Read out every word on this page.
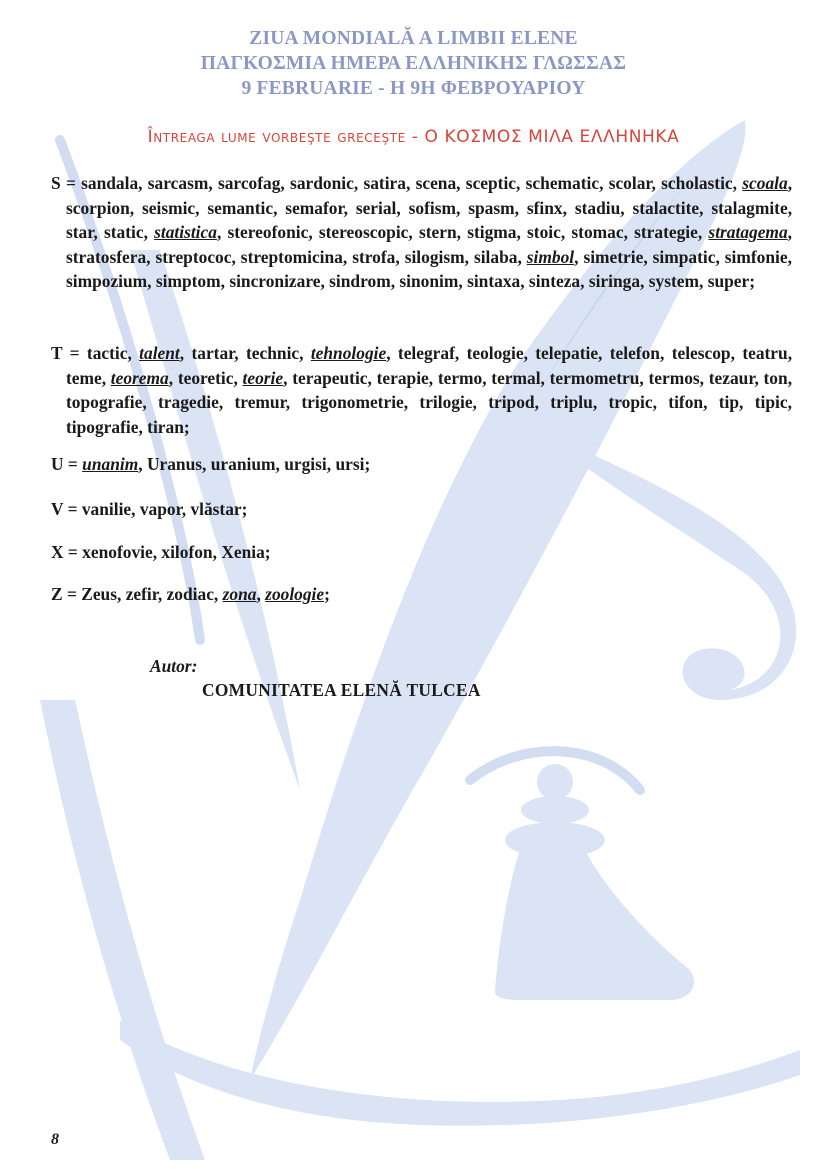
ZIUA MONDIALĂ A LIMBII ELENE
ΠΑΓΚΟΣΜΙΑ ΗΜΕΡΑ ΕΛΛΗΝΙΚΗΣ ΓΛΩΣΣΑΣ
9 FEBRUARIE - Η 9Η ΦΕΒΡΟΥΑΡΙΟΥ
Întreaga lume vorbeşte greceşte - Ο ΚΟΣΜΟΣ ΜΙΛΑ ΕΛΛΗΝΗΚΑ
S = sandala, sarcasm, sarcofag, sardonic, satira, scena, sceptic, schematic, scolar, scholastic, scoala, scorpion, seismic, semantic, semafor, serial, sofism, spasm, sfinx, stadiu, stalactite, stalagmite, star, static, statistica, stereofonic, stereoscopic, stern, stigma, stoic, stomac, strategie, stratagema, stratosfera, streptococ, streptomicina, strofa, silogism, silaba, simbol, simetrie, simpatic, simfonie, simpozium, simptom, sincronizare, sindrom, sinonim, sintaxa, sinteza, siringa, system, super;
T = tactic, talent, tartar, technic, tehnologie, telegraf, teologie, telepatie, telefon, telescop, teatru, teme, teorema, teoretic, teorie, terapeutic, terapie, termo, termal, termometru, termos, tezaur, ton, topografie, tragedie, tremur, trigonometrie, trilogie, tripod, triplu, tropic, tifon, tip, tipic, tipografie, tiran;
U = unanim, Uranus, uranium, urgisi, ursi;
V = vanilie, vapor, vlăstar;
X = xenofovie, xilofon, Xenia;
Z = Zeus, zefir, zodiac, zona, zoologie;
Autor:
COMUNITATEA ELENĂ TULCEA
8
